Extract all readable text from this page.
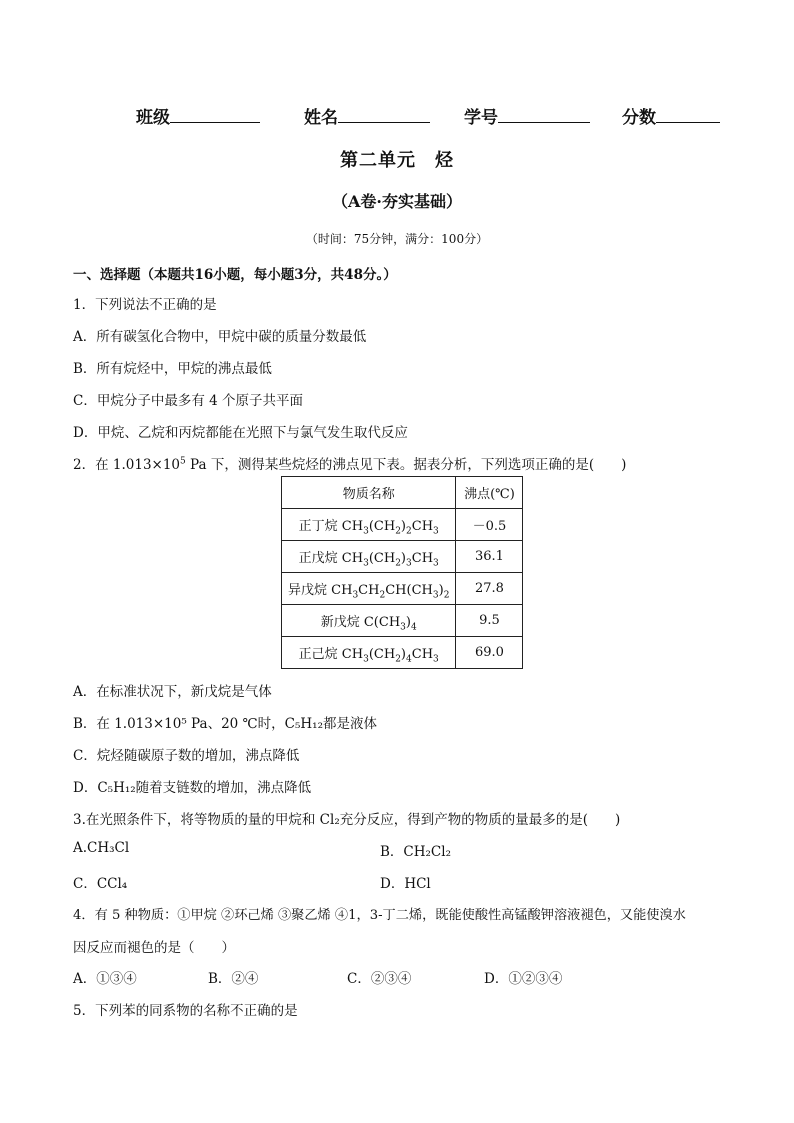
班级	姓名	学号	分数
第二单元　烃
（A卷·夯实基础）
（时间：75分钟，满分：100分）
一、选择题（本题共16小题，每小题3分，共48分。）
1．下列说法不正确的是
A．所有碳氢化合物中，甲烷中碳的质量分数最低
B．所有烷烃中，甲烷的沸点最低
C．甲烷分子中最多有 4 个原子共平面
D．甲烷、乙烷和丙烷都能在光照下与氯气发生取代反应
2．在 $1.013\times 10^5$ Pa 下，测得某些烷烃的沸点见下表。据表分析，下列选项正确的是(　　)
物质名称	沸点(℃)
正丁烷 $CH_3(CH_2)_2CH_3$	－0.5
正戊烷 $CH_3(CH_2)_3CH_3$	36.1
异戊烷 $CH_3CH_2CH(CH_3)_2$	27.8
新戊烷 $C(CH_3)_4$	9.5
正己烷 $CH_3(CH_2)_4CH_3$	69.0
A．在标准状况下，新戊烷是气体
B．在 1.013×10⁵ Pa、20 ℃时，C₅H₁₂都是液体
C．烷烃随碳原子数的增加，沸点降低
D．C₅H₁₂随着支链数的增加，沸点降低
3.在光照条件下，将等物质的量的甲烷和 Cl₂充分反应，得到产物的物质的量最多的是(　　)
A.CH₃Cl	B．CH₂Cl₂
C．CCl₄	D．HCl
4．有 5 种物质：①甲烷 ②环己烯 ③聚乙烯 ④1，3-丁二烯，既能使酸性高锰酸钾溶液褪色，又能使溴水
因反应而褪色的是（　　）
A．①③④	B．②④	C．②③④	D．①②③④
5．下列苯的同系物的名称不正确的是
